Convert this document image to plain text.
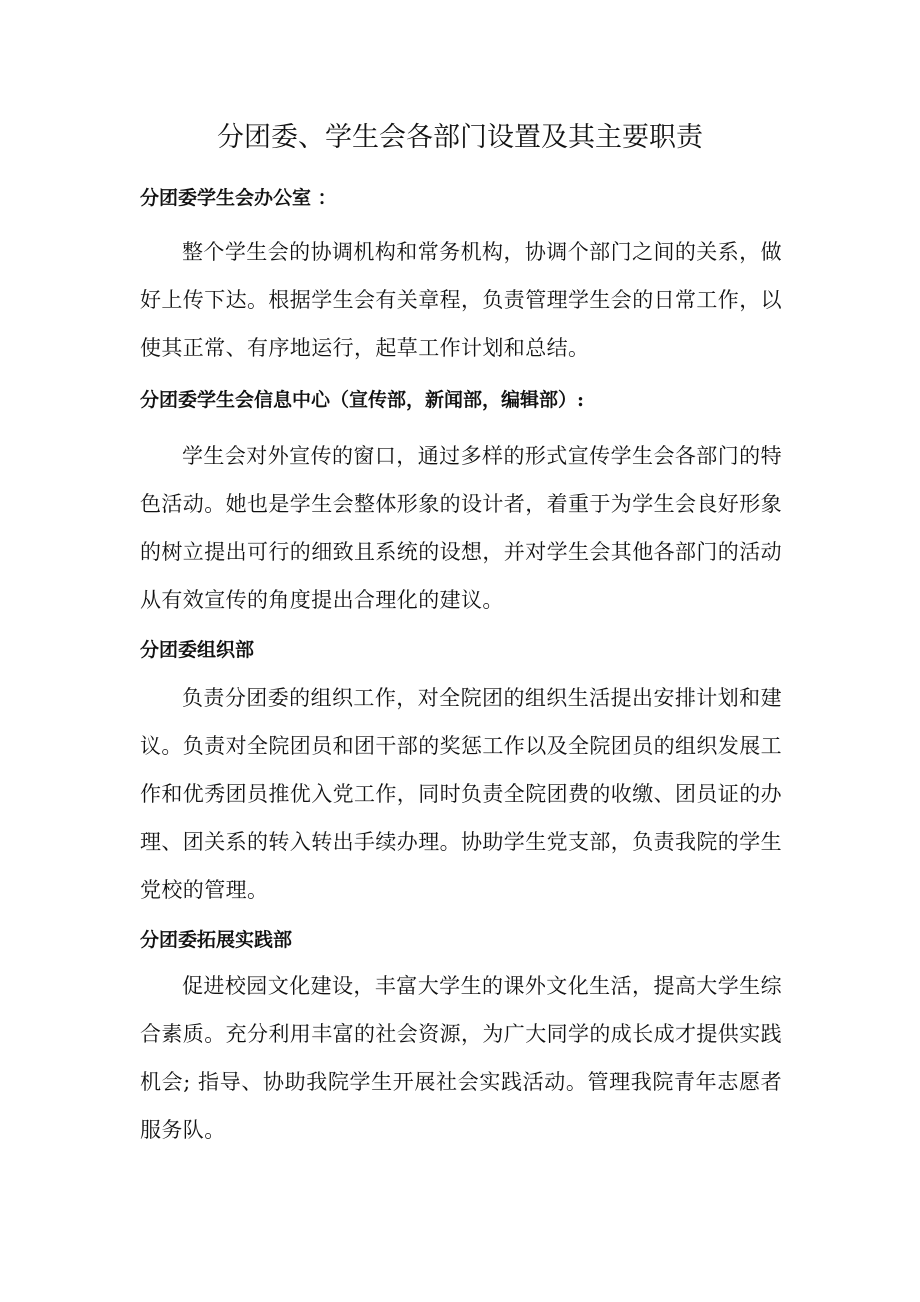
分团委、学生会各部门设置及其主要职责
分团委学生会办公室 ：

整个学生会的协调机构和常务机构，协调个部门之间的关系，做好上传下达。根据学生会有关章程，负责管理学生会的日常工作，以使其正常、有序地运行，起草工作计划和总结。

分团委学生会信息中心（宣传部，新闻部，编辑部）:

学生会对外宣传的窗口，通过多样的形式宣传学生会各部门的特色活动。她也是学生会整体形象的设计者，着重于为学生会良好形象的树立提出可行的细致且系统的设想，并对学生会其他各部门的活动从有效宣传的角度提出合理化的建议。

分团委组织部

负责分团委的组织工作，对全院团的组织生活提出安排计划和建议。负责对全院团员和团干部的奖惩工作以及全院团员的组织发展工作和优秀团员推优入党工作，同时负责全院团费的收缴、团员证的办理、团关系的转入转出手续办理。协助学生党支部，负责我院的学生党校的管理。

分团委拓展实践部

促进校园文化建设，丰富大学生的课外文化生活，提高大学生综合素质。充分利用丰富的社会资源，为广大同学的成长成才提供实践机会; 指导、协助我院学生开展社会实践活动。管理我院青年志愿者服务队。
